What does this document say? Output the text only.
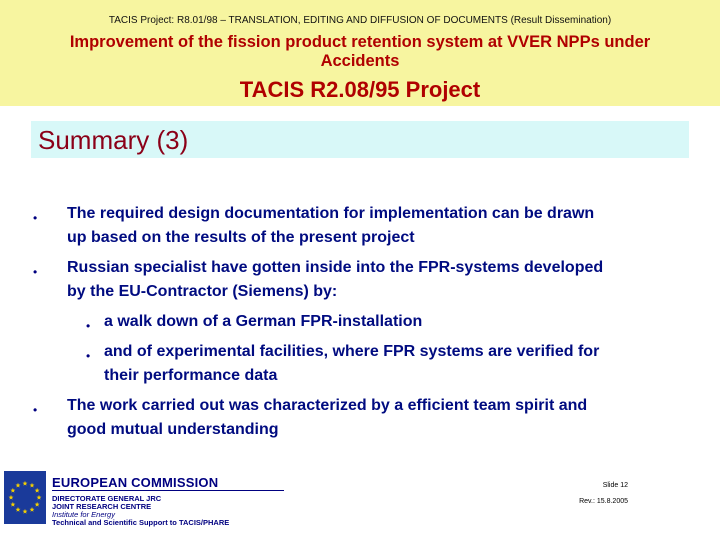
TACIS Project: R8.01/98 – TRANSLATION, EDITING AND DIFFUSION OF DOCUMENTS (Result Dissemination)
Improvement of the fission product retention system at VVER NPPs under
Accidents
TACIS R2.08/95 Project
Summary (3)
• The required design documentation for implementation can be drawn
up based on the results of the present project
• Russian specialist have gotten inside into the FPR-systems developed
by the EU-Contractor (Siemens) by:
• a walk down of a German FPR-installation
• and of experimental facilities, where FPR systems are verified for
their performance data
• The work carried out was characterized by a efficient team spirit and
good mutual understanding
EUROPEAN COMMISSION
DIRECTORATE GENERAL JRC
JOINT RESEARCH CENTRE
Institute for Energy
Technical and Scientific Support to TACIS/PHARE
Slide 12
Rev.: 15.8.2005
